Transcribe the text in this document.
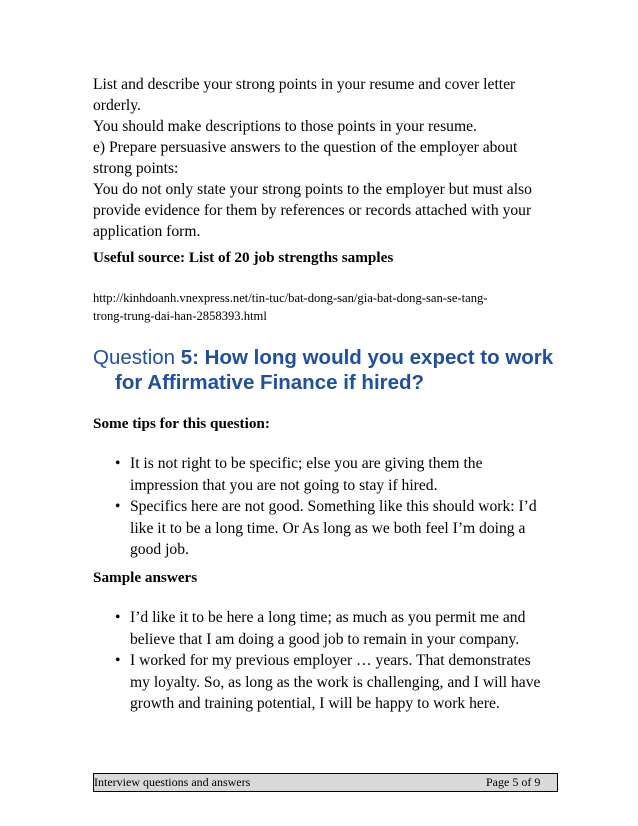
List and describe your strong points in your resume and cover letter
orderly.
You should make descriptions to those points in your resume.
e) Prepare persuasive answers to the question of the employer about
strong points:
You do not only state your strong points to the employer but must also
provide evidence for them by references or records attached with your
application form.
Useful source: List of 20 job strengths samples
http://kinhdoanh.vnexpress.net/tin-tuc/bat-dong-san/gia-bat-dong-san-se-tang-
trong-trung-dai-han-2858393.html
Question 5: How long would you expect to work
for Affirmative Finance if hired?
Some tips for this question:
• It is not right to be specific; else you are giving them the
impression that you are not going to stay if hired.
• Specifics here are not good. Something like this should work: I’d
like it to be a long time. Or As long as we both feel I’m doing a
good job.
Sample answers
• I’d like it to be here a long time; as much as you permit me and
believe that I am doing a good job to remain in your company.
• I worked for my previous employer … years. That demonstrates
my loyalty. So, as long as the work is challenging, and I will have
growth and training potential, I will be happy to work here.
Interview questions and answers	Page 5 of 9
